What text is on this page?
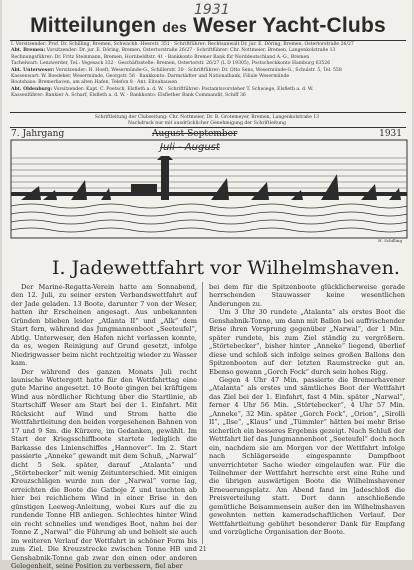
1931
Mitteilungen des Weser Yacht-Clubs
I. Vorsitzender: Prof. Dr. Schilling, Bremen, Schwachh.-Heerstr. 351 · Schriftführer: Rechtsanwalt Dr. jur. E. Döring, Bremen, Ostertorstraße 26/27
Abt. Bremen: Vorsitzender: Dr. jur. E. Döring, Bremen, Ostertorstraße 26/27 · Schriftführer: Chr. Nottmeier, Bremen, Langenkolstraße 13
Rechnungsführer: Dr. Fritz Steinmann, Bremen, Hornbeldtstr. 41 · Bankkonto Bremer Bank für Norddeutschland A.-G., Bremen
Tachelwart: Lenzwerder, Tel.: Vegesack 332 · Geschäftsstelle: Bremen, Ostertorstr. 26/27 (L D 19305), Postscheckkonto Hamburg 63526
Abt. Unterweser: Vorsitzender: H. Hoeft, Wesermünde-G., Schillerstr. 30 · Schriftführer: Dr. Otto Sens, Wesermünde-G., Schulstr. 5, Tel. 558
Kassenwart: W. Boedeker, Wesermünde, Georgstr. 56 · Bankkonto: Darmstädter und Nationalbank, Filiale Wesermünde
Bootshaus: Bremerhaven, am alten Hafen, Telefon 8 · Ant. Eiteahausen
Abt. Oldenburg: Vorsitzender: Kapt. C. Poetsch, Elsfleth a. d. W. · Schriftführer: Postamtsvorsteher T. Schwiege, Elsfleth a. d. W.
Kassenführer: Bankier A. Scharf, Elsfleth a. d. W. · Bankkonto: Elsflether Bank Commandit, Schiff 36
Schriftleitung der Clubzeitung: Chr. Nottmeier, Dr. B. Grotemeyer, Bremen, Langenkolstraße 13
Nachdruck nur mit ausdrücklicher Genehmigung der Schriftleitung
7. Jahrgang	August-September	1931
Juli - August
H. Schilling
I. Jadewettfahrt vor Wilhelmshaven.

Der Marine-Regatta-Verein hatte am Sonnabend, den 12. Juli, zu seiner ersten Verbandswettfahrt auf der Jade geladen. 13 Boote, darunter 7 von der Weser, hatten ihr Erscheinen angesagt. Aus unbekannten Gründen blieben leider „Atlanta II“ und „Alk“ dem Start fern, während das Jungmannenboot „Seeteufel“, Abtlg. Unterweser, den Hafen nicht verlassen konnte, da es, wegen Reinigung auf Grund gesetzt, infolge Niedrigwasser beim nicht rechtzeitig wieder zu Wasser kam.

Der während des ganzen Monats Juli recht launische Wettergott hatte für den Wettfahrttag eine gute Marine angesetzt. 10 Boote gingen bei kräftigem Wind aus nördlicher Richtung über die Startlinie, ab Startschiff Weser am Start bei der 1. Einfahrt. Mit Rücksicht auf Wind und Strom hatte die Wettfahrtleitung den beiden vorgesehenen Bahnen von 17 und 9 Sm. die Kürzere, im Gedanken, gewählt. Im Start der Kriegsschiffboote startete lediglich die Barkasse des Linienschiffes „Hannover“. Im 2. Start passierte „Anneke“ gewandt mit dem Schuß, „Narwal“ dicht 5 Sek. später, darauf „Atalanta“ und „Störtebecker“ mit wenig Zeitunterschied. Mit einigen Kreuzschlägen wurde nun der „Narwal“ vorne lag, erreichten die Boote die Gatboje Z und tauchten ab hier bei reichlichem Wind in einer Brise in den günstigen Leeweg-Anleitung, wobei Kurs auf die zu rundende Tonne HB anliegen. Schlechtes hinter Wind ein recht schnelles und wendiges Boot, nahm bei der Tonne Z „Narwal“ die Führung ab und behielt sie auch im weiteren Verlauf der Wettfahrt in schöner Form bis zum Ziel. Die Kreuzstrecke zwischen Tonne HB und Genshabnik-Tonne gab zwar den einen oder anderen Gelegenheit, seine Position zu verbessern, fiel aber

bei dem für die Spitzenboote glücklicherweise gerade herrschenden Stauwasser keine wesentlichen Änderungen zu.

Um 3 Uhr 30 rundete „Atalanta“ als erstes Boot die Genshabnik-Tonne, um dann mit Ballon bei auffrischender Brise ihren Vorsprung gegenüber „Narwal“, der 1 Min. später rundete, bis zum Ziel ständig zu vergrößern. „Störtebecker“, bisher hinter „Anneke“ liegend, überlief diese und schloß sich infolge seines großen Ballons den Spitzenbooten auf der letzten Raumstrecke gut an. Ebenso gewann „Gorch Fock“ durch sein hohes Rigg.

Gegen 4 Uhr 47 Min. passierte die Bremerhavener „Atalanta“ als erstes und sämtliches Boot der Wettfahrt das Ziel bei der 1. Einfahrt, fast 4 Min. später „Narwal“, ferner 4 Uhr 56 Min. „Störtebecker“, 4 Uhr 57 Min. „Anneke“, 32 Min. später „Gorch Fock“, „Orion“, „Sirolli II“, „Ilse“, „Klaus“ und „Tümmler“ hätten bei mehr Brise sicherlich ein besseres Ergebnis gezeigt. Nach Schluß der Wettfahrt lief das Jungmannenboot „Seeteufel“ doch noch ein, nachdem sie am Morgen vor der Wettfahrt infolge nach Schlägerseide eingespannte Dampfboot unverrichteter Sache wieder eingelaufen war. Für die Teilnehmer der Wettfahrt herrschte erst eine Ruhe und die übrigen auswärtigen Boote die Wilhelmshavener Erneuerungsplatz. Am Abend fand im Jadeschloß die Preisverteilung statt. Dort dann anschließende gemütliche Beisammensein außer den im Wilhelmshaven gewohnten netten kameradschaftlichen Verlauf. Der Wettfahrtleitung gebührt besonderer Dank für Empfang und vorzügliche Organisation der Boote.

21
